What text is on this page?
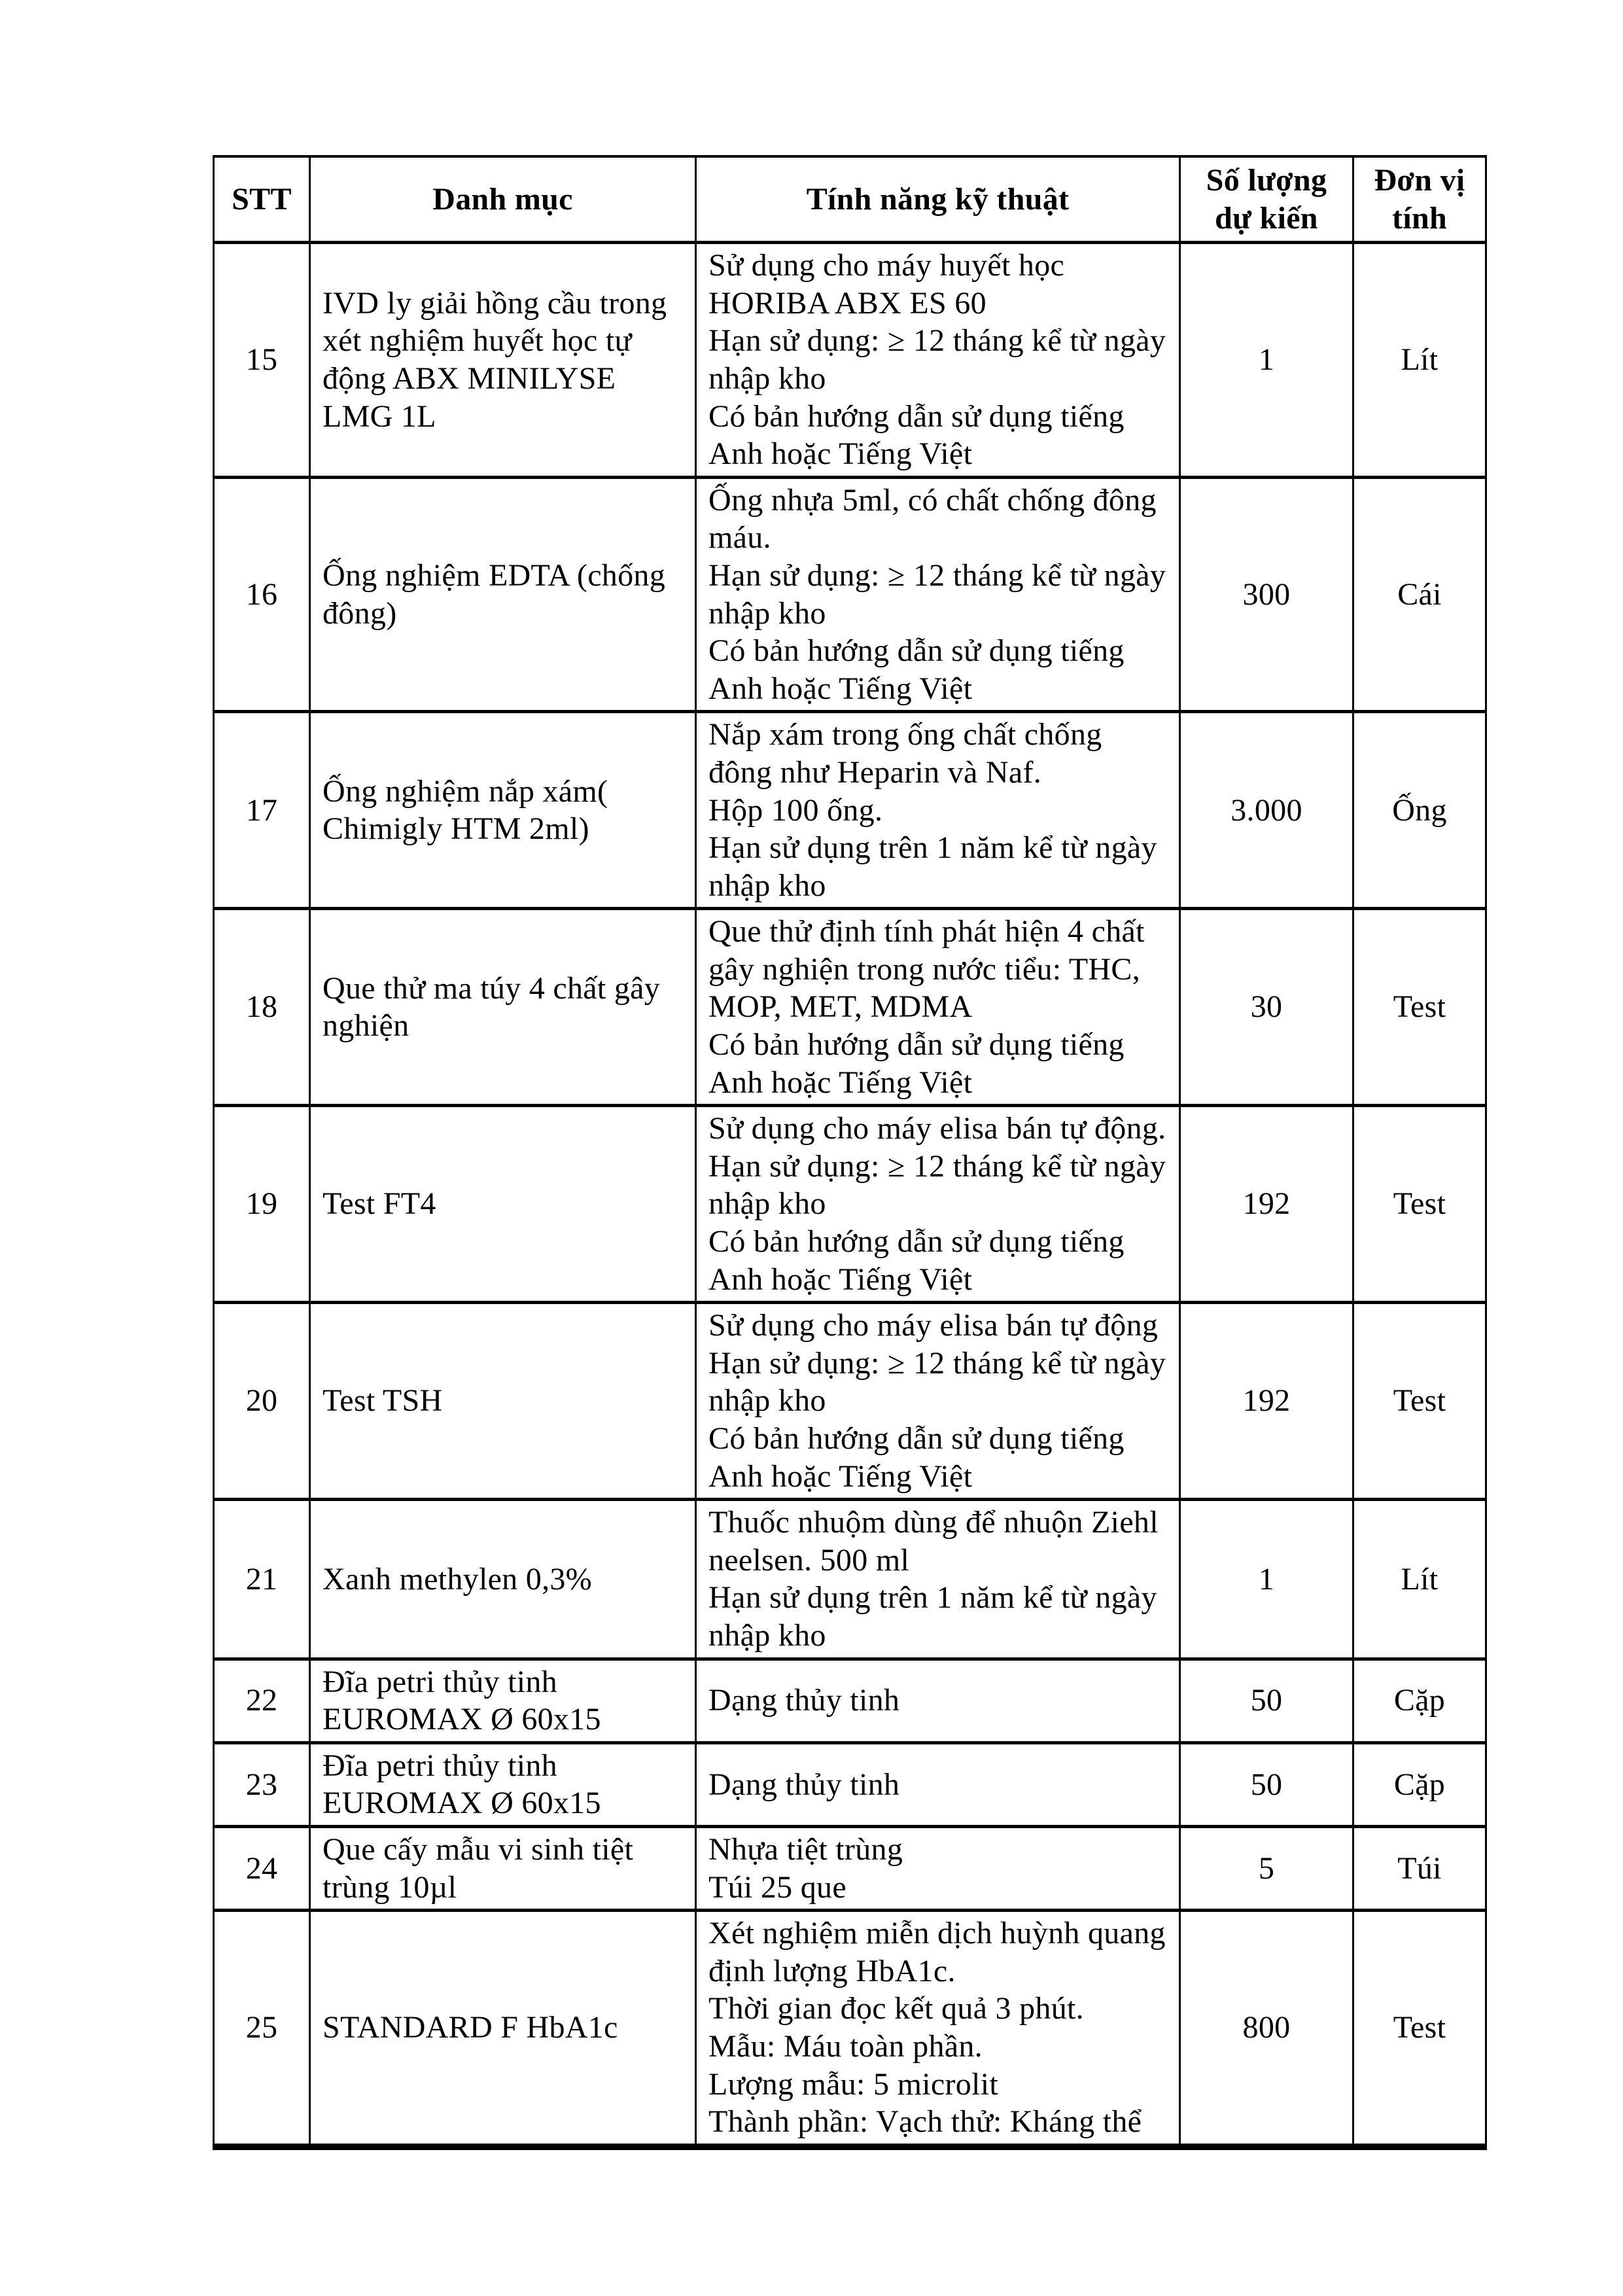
STT	Danh mục	Tính năng kỹ thuật	Số lượng dự kiến	Đơn vị tính
15	IVD ly giải hồng cầu trong xét nghiệm huyết học tự động ABX MINILYSE LMG 1L	Sử dụng cho máy huyết học HORIBA ABX ES 60
Hạn sử dụng: ≥ 12 tháng kể từ ngày nhập kho
Có bản hướng dẫn sử dụng tiếng Anh hoặc Tiếng Việt	1	Lít
16	Ống nghiệm EDTA (chống đông)	Ống nhựa 5ml, có chất chống đông máu.
Hạn sử dụng: ≥ 12 tháng kể từ ngày nhập kho
Có bản hướng dẫn sử dụng tiếng Anh hoặc Tiếng Việt	300	Cái
17	Ống nghiệm nắp xám( Chimigly HTM 2ml)	Nắp xám trong ống chất chống đông như Heparin và Naf.
Hộp 100 ống.
Hạn sử dụng trên 1 năm kể từ ngày nhập kho	3.000	Ống
18	Que thử ma túy 4 chất gây nghiện	Que thử định tính phát hiện 4 chất gây nghiện trong nước tiểu: THC, MOP, MET, MDMA
Có bản hướng dẫn sử dụng tiếng Anh hoặc Tiếng Việt	30	Test
19	Test FT4	Sử dụng cho máy elisa bán tự động.
Hạn sử dụng: ≥ 12 tháng kể từ ngày nhập kho
Có bản hướng dẫn sử dụng tiếng Anh hoặc Tiếng Việt	192	Test
20	Test TSH	Sử dụng cho máy elisa bán tự động
Hạn sử dụng: ≥ 12 tháng kể từ ngày nhập kho
Có bản hướng dẫn sử dụng tiếng Anh hoặc Tiếng Việt	192	Test
21	Xanh methylen 0,3%	Thuốc nhuộm dùng để nhuộn Ziehl neelsen. 500 ml
Hạn sử dụng trên 1 năm kể từ ngày nhập kho	1	Lít
22	Đĩa petri thủy tinh EUROMAX Ø 60x15	Dạng thủy tinh	50	Cặp
23	Đĩa petri thủy tinh EUROMAX Ø 60x15	Dạng thủy tinh	50	Cặp
24	Que cấy mẫu vi sinh tiệt trùng 10µl	Nhựa tiệt trùng
Túi 25 que	5	Túi
25	STANDARD F HbA1c	Xét nghiệm miễn dịch huỳnh quang định lượng HbA1c.
Thời gian đọc kết quả 3 phút.
Mẫu: Máu toàn phần.
Lượng mẫu: 5 microlit
Thành phần: Vạch thử: Kháng thể	800	Test
